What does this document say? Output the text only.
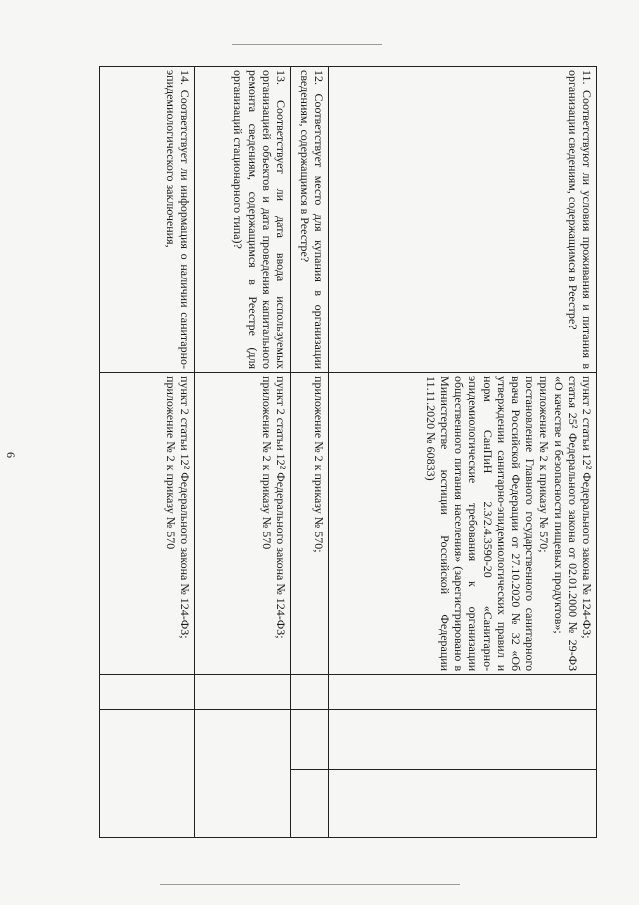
6
11. Соответствуют ли условия проживания и питания в организации сведениям, содержащимся в Реестре?
12. Соответствует место для купания в организации сведениям, содержащимся в Реестре?
13. Соответствует ли дата ввода используемых организацией объектов и дата проведения капитального ремонта сведениям, содержащимся в Реестре (для организаций стационарного типа)?
14. Соответствует ли информация о наличии санитарно-эпидемиологического заключения,
пункт 2 статьи 12² Федерального закона № 124-ФЗ;
статья 25² Федерального закона от 02.01.2000 № 29-ФЗ «О качестве и безопасности пищевых продуктов»;
приложение № 2 к приказу № 570;
постановление Главного государственного санитарного врача Российской Федерации от 27.10.2020 № 32 «Об утверждении санитарно-эпидемиологических правил и норм СанПиН 2.3/2.4.3590-20 «Санитарно-эпидемиологические требования к организации общественного питания населения» (зарегистрировано в Министерстве юстиции Российской Федерации 11.11.2020 № 60833)
приложение № 2 к приказу № 570;
пункт 2 статьи 12² Федерального закона № 124-ФЗ;
приложение № 2 к приказу № 570
пункт 2 статьи 12² Федерального закона № 124-ФЗ;
приложение № 2 к приказу № 570
